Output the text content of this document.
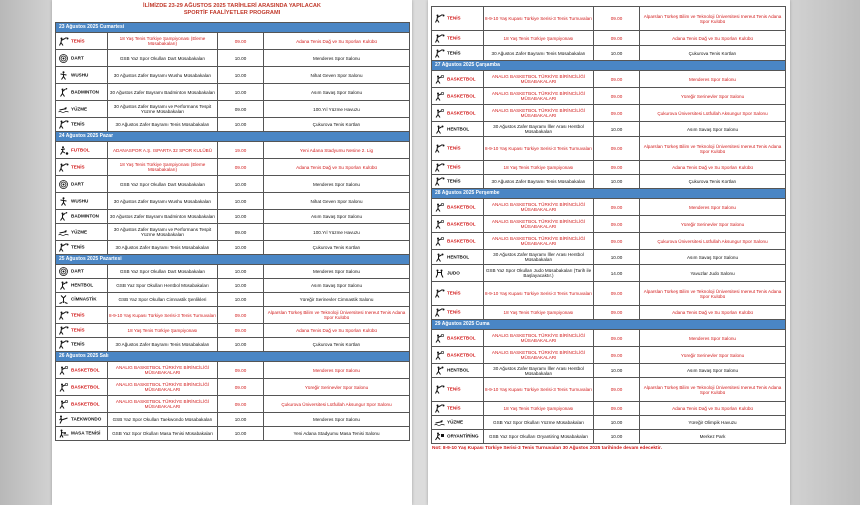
İLİMİZDE 23-29 AĞUSTOS 2025 TARİHLERİ ARASINDA YAPILACAK
SPORTİF FAALİYETLER PROGRAMI
23 Ağustos 2025 Cumartesi			

TENİS	18 Yaş Tenis Türkiye Şampiyonası (Eleme Müsabakaları)	09.00	Adana Tenis Dağ ve Su Sporları Kulübü

DART	GSB Yaz Spor Okulları Dart Müsabakaları	10.00	Menderes Spor Salonu

WUSHU	30 Ağustos Zafer Bayramı Wushu Müsabakaları	10.00	Nihat Geven Spor Salonu

BADMINTON	30 Ağustos Zafer Bayramı Badminton Müsabakaları	10.00	Asım Savaş Spor Salonu

YÜZME	30 Ağustos Zafer Bayramı ve Performans Tespit Yüzme Müsabakaları	09.00	100.Yıl Yüzme Havuzu

TENİS	30 Ağustos Zafer Bayramı Tenis Müsabakaları	10.00	Çukurova Tenis Kortları
24 Ağustos 2025 Pazar			

FUTBOL	ADANASPOR A.Ş. ISPARTA 32 SPOR KULÜBÜ	19.00	Yeni Adana Stadyumu Nesine 2. Lig

TENİS	18 Yaş Tenis Türkiye Şampiyonası (Eleme Müsabakaları)	09.00	Adana Tenis Dağ ve Su Sporları Kulübü

DART	GSB Yaz Spor Okulları Dart Müsabakaları	10.00	Menderes Spor Salonu

WUSHU	30 Ağustos Zafer Bayramı Wushu Müsabakaları	10.00	Nihat Geven Spor Salonu

BADMINTON	30 Ağustos Zafer Bayramı Badminton Müsabakaları	10.00	Asım Savaş Spor Salonu

YÜZME	30 Ağustos Zafer Bayramı ve Performans Tespit Yüzme Müsabakaları	09.00	100.Yıl Yüzme Havuzu

TENİS	30 Ağustos Zafer Bayramı Tenis Müsabakaları	10.00	Çukurova Tenis Kortları
25 Ağustos 2025 Pazartesi			

DART	GSB Yaz Spor Okulları Dart Müsabakaları	10.00	Menderes Spor Salonu

HENTBOL	GSB Yaz Spor Okulları Hentbol Müsabakaları	10.00	Asım Savaş Spor Salonu

CİMNASTİK	GSB Yaz Spor Okulları Cimnastik Şenlikleri	10.00	Yüreğir Serinevler Cimnastik Salonu

TENİS	8-9-10 Yaş Kupası Türkiye Serisi-3 Tenis Turnuvaları	09.00	Alparslan Türkeş Bilim ve Teknoloji Üniversitesi Inereut Tenis Adana Spor Kulübü

TENİS	18 Yaş Tenis Türkiye Şampiyonası	09.00	Adana Tenis Dağ ve Su Sporları Kulübü

TENİS	30 Ağustos Zafer Bayramı Tenis Müsabakaları	10.00	Çukurova Tenis Kortları
26 Ağustos 2025 Salı			

BASKETBOL	ANALIG BASKETBOL TÜRKİYE BİRİNCİLİĞİ MÜSABAKALARI	09.00	Menderes Spor Salonu

BASKETBOL	ANALIG BASKETBOL TÜRKİYE BİRİNCİLİĞİ MÜSABAKALARI	09.00	Yüreğir Serinevler Spor Salonu

BASKETBOL	ANALIG BASKETBOL TÜRKİYE BİRİNCİLİĞİ MÜSABAKALARI	09.00	Çukurova Üniversitesi Lütfullah Aksungur Spor Salonu

TAEKWONDO	GSB Yaz Spor Okulları Taekwondo Müsabakaları	10.00	Menderes Spor Salonu

MASA TENİSİ	GSB Yaz Spor Okulları Masa Tenisi Müsabakaları	10.00	Yeni Adana Stadyumu Masa Tenisi Salonu
TENİS	8-9-10 Yaş Kupası Türkiye Serisi-3 Tenis Turnuvaları	09.00	Alparslan Türkeş Bilim ve Teknoloji Üniversitesi Inereut Tenis Adana Spor Kulübü

TENİS	18 Yaş Tenis Türkiye Şampiyonası	09.00	Adana Tenis Dağ ve Su Sporları Kulübü

TENİS	30 Ağustos Zafer Bayramı Tenis Müsabakaları	10.00	Çukurova Tenis Kortları
27 Ağustos 2025 Çarşamba			

BASKETBOL	ANALIG BASKETBOL TÜRKİYE BİRİNCİLİĞİ MÜSABAKALARI	09.00	Menderes Spor Salonu

BASKETBOL	ANALIG BASKETBOL TÜRKİYE BİRİNCİLİĞİ MÜSABAKALARI	09.00	Yüreğir Serinevler Spor Salonu

BASKETBOL	ANALIG BASKETBOL TÜRKİYE BİRİNCİLİĞİ MÜSABAKALARI	09.00	Çukurova Üniversitesi Lütfullah Aksungur Spor Salonu

HENTBOL	30 Ağustos Zafer Bayramı İller Arası Hentbol Müsabakaları	10.00	Asım Savaş Spor Salonu

TENİS	8-9-10 Yaş Kupası Türkiye Serisi-3 Tenis Turnuvaları	09.00	Alparslan Türkeş Bilim ve Teknoloji Üniversitesi Inereut Tenis Adana Spor Kulübü

TENİS	18 Yaş Tenis Türkiye Şampiyonası	09.00	Adana Tenis Dağ ve Su Sporları Kulübü

TENİS	30 Ağustos Zafer Bayramı Tenis Müsabakaları	10.00	Çukurova Tenis Kortları
28 Ağustos 2025 Perşembe			

BASKETBOL	ANALIG BASKETBOL TÜRKİYE BİRİNCİLİĞİ MÜSABAKALARI	09.00	Menderes Spor Salonu

BASKETBOL	ANALIG BASKETBOL TÜRKİYE BİRİNCİLİĞİ MÜSABAKALARI	09.00	Yüreğir Serinevler Spor Salonu

BASKETBOL	ANALIG BASKETBOL TÜRKİYE BİRİNCİLİĞİ MÜSABAKALARI	09.00	Çukurova Üniversitesi Lütfullah Aksungur Spor Salonu

HENTBOL	30 Ağustos Zafer Bayramı İller Arası Hentbol Müsabakaları	10.00	Asım Savaş Spor Salonu

JUDO	GSB Yaz Spor Okulları Judo Müsabakaları (Tarih ile Başlayacaktır.)	14.00	Yavuzlar Judo Salonu

TENİS	8-9-10 Yaş Kupası Türkiye Serisi-3 Tenis Turnuvaları	09.00	Alparslan Türkeş Bilim ve Teknoloji Üniversitesi Inereut Tenis Adana Spor Kulübü

TENİS	18 Yaş Tenis Türkiye Şampiyonası	09.00	Adana Tenis Dağ ve Su Sporları Kulübü
29 Ağustos 2025 Cuma			

BASKETBOL	ANALIG BASKETBOL TÜRKİYE BİRİNCİLİĞİ MÜSABAKALARI	09.00	Menderes Spor Salonu

BASKETBOL	ANALIG BASKETBOL TÜRKİYE BİRİNCİLİĞİ MÜSABAKALARI	09.00	Yüreğir Serinevler Spor Salonu

HENTBOL	30 Ağustos Zafer Bayramı İller Arası Hentbol Müsabakaları	10.00	Asım Savaş Spor Salonu

TENİS	8-9-10 Yaş Kupası Türkiye Serisi-3 Tenis Turnuvaları	09.00	Alparslan Türkeş Bilim ve Teknoloji Üniversitesi Inereut Tenis Adana Spor Kulübü

TENİS	18 Yaş Tenis Türkiye Şampiyonası	09.00	Adana Tenis Dağ ve Su Sporları Kulübü

YÜZME	GSB Yaz Spor Okulları Yüzme Müsabakaları	10.00	Yüreğir Olimpik Havuzu

ORYANTİRİNG	GSB Yaz Spor Okulları Oryantiring Müsabakaları	10.00	Merkez Park
Not: 8-9-10 Yaş Kupası Türkiye Serisi-3 Tenis Turnuvaları 30 Ağustos 2025 tarihinde devam edecektir.
